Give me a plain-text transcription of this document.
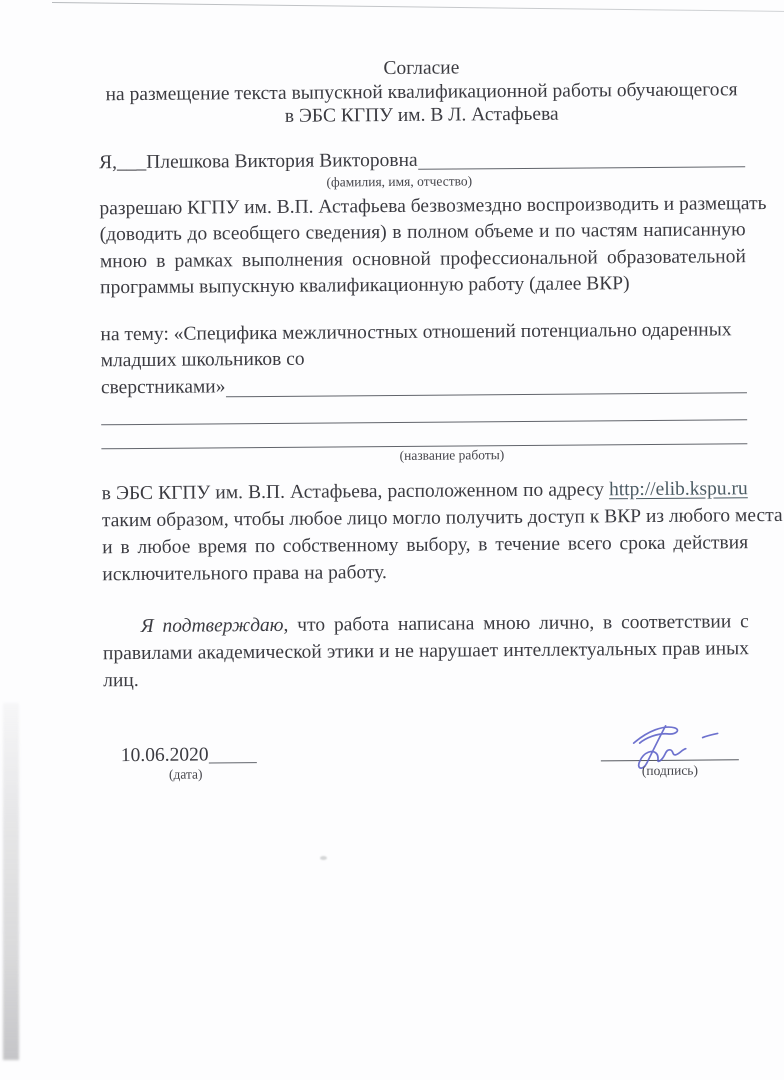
Согласие
на размещение текста выпускной квалификационной работы обучающегося
в ЭБС КГПУ им. В Л. Астафьева
Я,___Плешкова Виктория Викторовна
(фамилия, имя, отчество)
разрешаю КГПУ им. В.П. Астафьева безвозмездно воспроизводить и размещать
(доводить до всеобщего сведения) в полном объеме и по частям написанную
мною в рамках выполнения основной профессиональной образовательной
программы выпускную квалификационную работу (далее ВКР)
на тему: «Специфика межличностных отношений потенциально одаренных
младших школьников со
сверстниками»
(название работы)
в ЭБС КГПУ им. В.П. Астафьева, расположенном по адресу http://elib.kspu.ru
таким образом, чтобы любое лицо могло получить доступ к ВКР из любого места
и в любое время по собственному выбору, в течение всего срока действия
исключительного права на работу.
Я подтверждаю, что работа написана мною лично, в соответствии с
правилами академической этики и не нарушает интеллектуальных прав иных
лиц.
10.06.2020
(дата)	(подпись)
